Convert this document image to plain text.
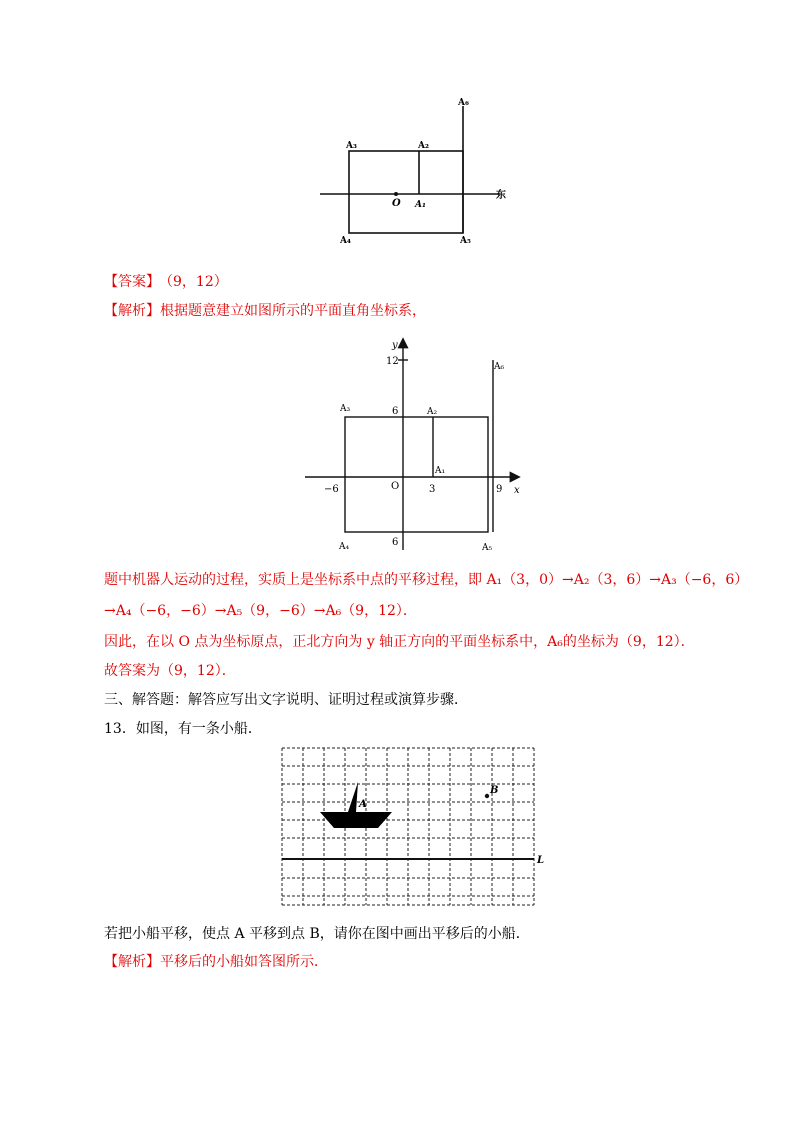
A₃	A₂
A₆
O A₁
东
A₄	A₅
【答案】 （9，12）
【解析】根据题意建立如图所示的平面直角坐标系，
y
x
12
6
6
−6	3	9
O
A₃	A₂
A₁
A₆
A₄	A₅
题中机器人运动的过程，实质上是坐标系中点的平移过程，即 A₁（3，0）→A₂（3，6）→A₃（−6，6）
→A₄（−6，−6）→A₅（9，−6）→A₆（9，12）．
因此，在以 O 点为坐标原点，正北方向为 y 轴正方向的平面坐标系中，A₆的坐标为（9，12）．
故答案为（9，12）．
三、解答题：解答应写出文字说明、证明过程或演算步骤．
13．如图，有一条小船．
A
B
L
若把小船平移，使点 A 平移到点 B，请你在图中画出平移后的小船．
【解析】平移后的小船如答图所示．
